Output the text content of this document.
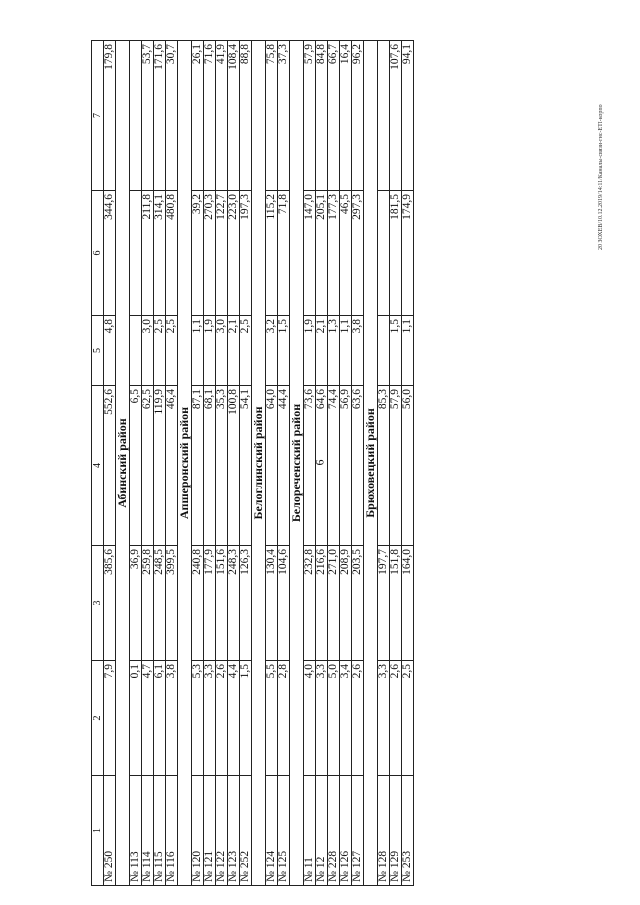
6
20 ЗОХЕВ/10.12.2019/14:11/Каналы-связи-гнс-ETI-корпо
1	2	3	4	5	6	7
№ 250	7,9	385,6	552,6	4,8	344,6	179,8
Абинский район						
№ 113	0,1	36,9	6,5			
№ 114	4,7	259,8	62,5	3,0	211,8	53,7
№ 115	6,1	248,5	119,9	2,5	314,1	171,6
№ 116	3,8	399,5	46,4	2,5	480,8	30,7
Апшеронский район						
№ 120	5,3	240,8	87,1	1,1	39,2	26,1
№ 121	3,3	177,9	68,1	1,9	270,3	71,6
№ 122	2,6	151,6	35,3	3,0	122,7	41,9
№ 123	4,4	248,3	100,8	2,1	223,0	108,4
№ 252	1,5	126,3	54,1	2,5	197,3	88,8
Белоглинский район						
№ 124	5,5	130,4	64,0	3,2	115,2	75,8
№ 125	2,8	104,6	44,4	1,5	71,8	37,3
Белореченский район						
№ 11	4,0	232,8	73,6	1,9	147,0	57,9
№ 12	3,3	216,6	64,6	2,1	205,1	84,8
№ 228	5,0	271,0	74,4	1,3	177,3	66,7
№ 126	3,4	208,9	56,9	1,1	46,5	16,4
№ 127	2,6	203,5	63,6	3,8	297,3	96,2
Брюховецкий район						
№ 128	3,3	197,7	85,3			
№ 129	2,6	151,8	57,9	1,5	181,5	107,6
№ 253	2,5	164,0	56,0	1,1	174,9	94,1
